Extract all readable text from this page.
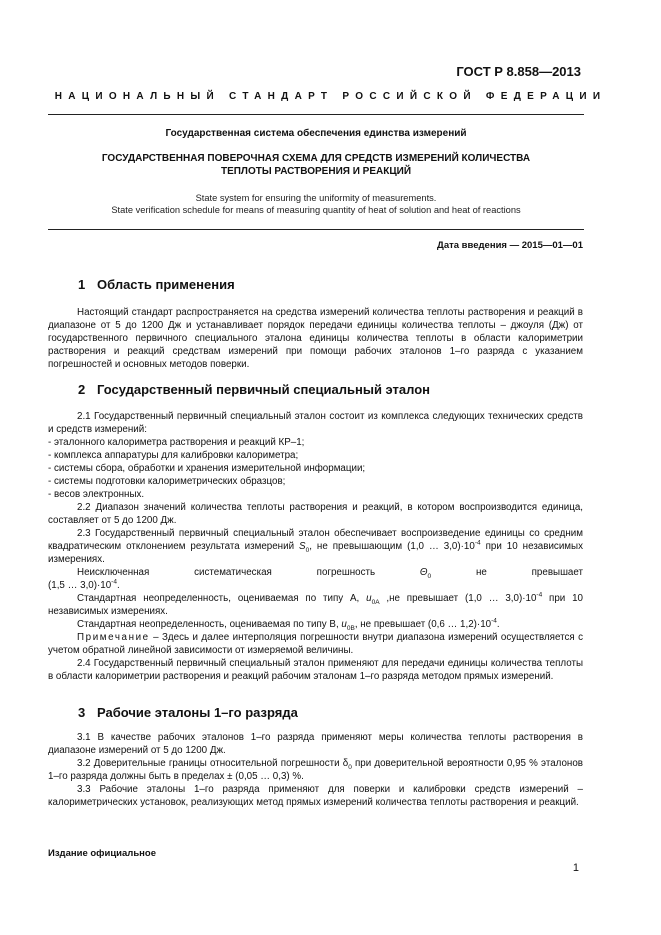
ГОСТ Р 8.858—2013
НАЦИОНАЛЬНЫЙ СТАНДАРТ РОССИЙСКОЙ ФЕДЕРАЦИИ
Государственная система обеспечения единства измерений
ГОСУДАРСТВЕННАЯ ПОВЕРОЧНАЯ СХЕМА ДЛЯ СРЕДСТВ ИЗМЕРЕНИЙ КОЛИЧЕСТВА
ТЕПЛОТЫ РАСТВОРЕНИЯ И РЕАКЦИЙ
State system for ensuring the uniformity of measurements.
State verification schedule for means of measuring quantity of heat of solution and heat of reactions
Дата введения — 2015—01—01
1 Область применения

Настоящий стандарт распространяется на средства измерений количества теплоты растворения и реакций в диапазоне от 5 до 1200 Дж и устанавливает порядок передачи единицы количества теплоты – джоуля (Дж) от государственного первичного специального эталона единицы количества теплоты в области калориметрии растворения и реакций средствам измерений при помощи рабочих эталонов 1–го разряда с указанием погрешностей и основных методов поверки.

2 Государственный первичный специальный эталон

2.1 Государственный первичный специальный эталон состоит из комплекса следующих технических средств и средств измерений:

- эталонного калориметра растворения и реакций КР–1;

- комплекса аппаратуры для калибровки калориметра;

- системы сбора, обработки и хранения измерительной информации;

- системы подготовки калориметрических образцов;

- весов электронных.

2.2 Диапазон значений количества теплоты растворения и реакций, в котором воспроизводится единица, составляет от 5 до 1200 Дж.

2.3 Государственный первичный специальный эталон обеспечивает воспроизведение единицы со средним квадратическим отклонением результата измерений $S_0$, не превышающим (1,0 … $3,0)\cdot 10^{-4}$ при 10 независимых измерениях.

Неисключенная	систематическая	погрешность	$\Theta_0$	не	превышает

(1,5 … $3,0)\cdot 10^{-4}$.

Стандартная неопределенность, оцениваемая по типу А, $u_{0A}$ ,не превышает (1,0 … $3,0)\cdot 10^{-4}$ при 10 независимых измерениях.

Стандартная неопределенность, оцениваемая по типу В, $u_{0B}$, не превышает (0,6 … $1,2)\cdot 10^{-4}$.

Примечание – Здесь и далее интерполяция погрешности внутри диапазона измерений осуществляется с учетом обратной линейной зависимости от измеряемой величины.

2.4 Государственный первичный специальный эталон применяют для передачи единицы количества теплоты в области калориметрии растворения и реакций рабочим эталонам 1–го разряда методом прямых измерений.

3 Рабочие эталоны 1–го разряда

3.1 В качестве рабочих эталонов 1–го разряда применяют меры количества теплоты растворения в диапазоне измерений от 5 до 1200 Дж.

3.2 Доверительные границы относительной погрешности $\delta_0$ при доверительной вероятности 0,95 % эталонов 1–го разряда должны быть в пределах ± (0,05 … 0,3) %.

3.3 Рабочие эталоны 1–го разряда применяют для поверки и калибровки средств измерений – калориметрических установок, реализующих метод прямых измерений количества теплоты растворения и реакций.

Издание официальное
1
